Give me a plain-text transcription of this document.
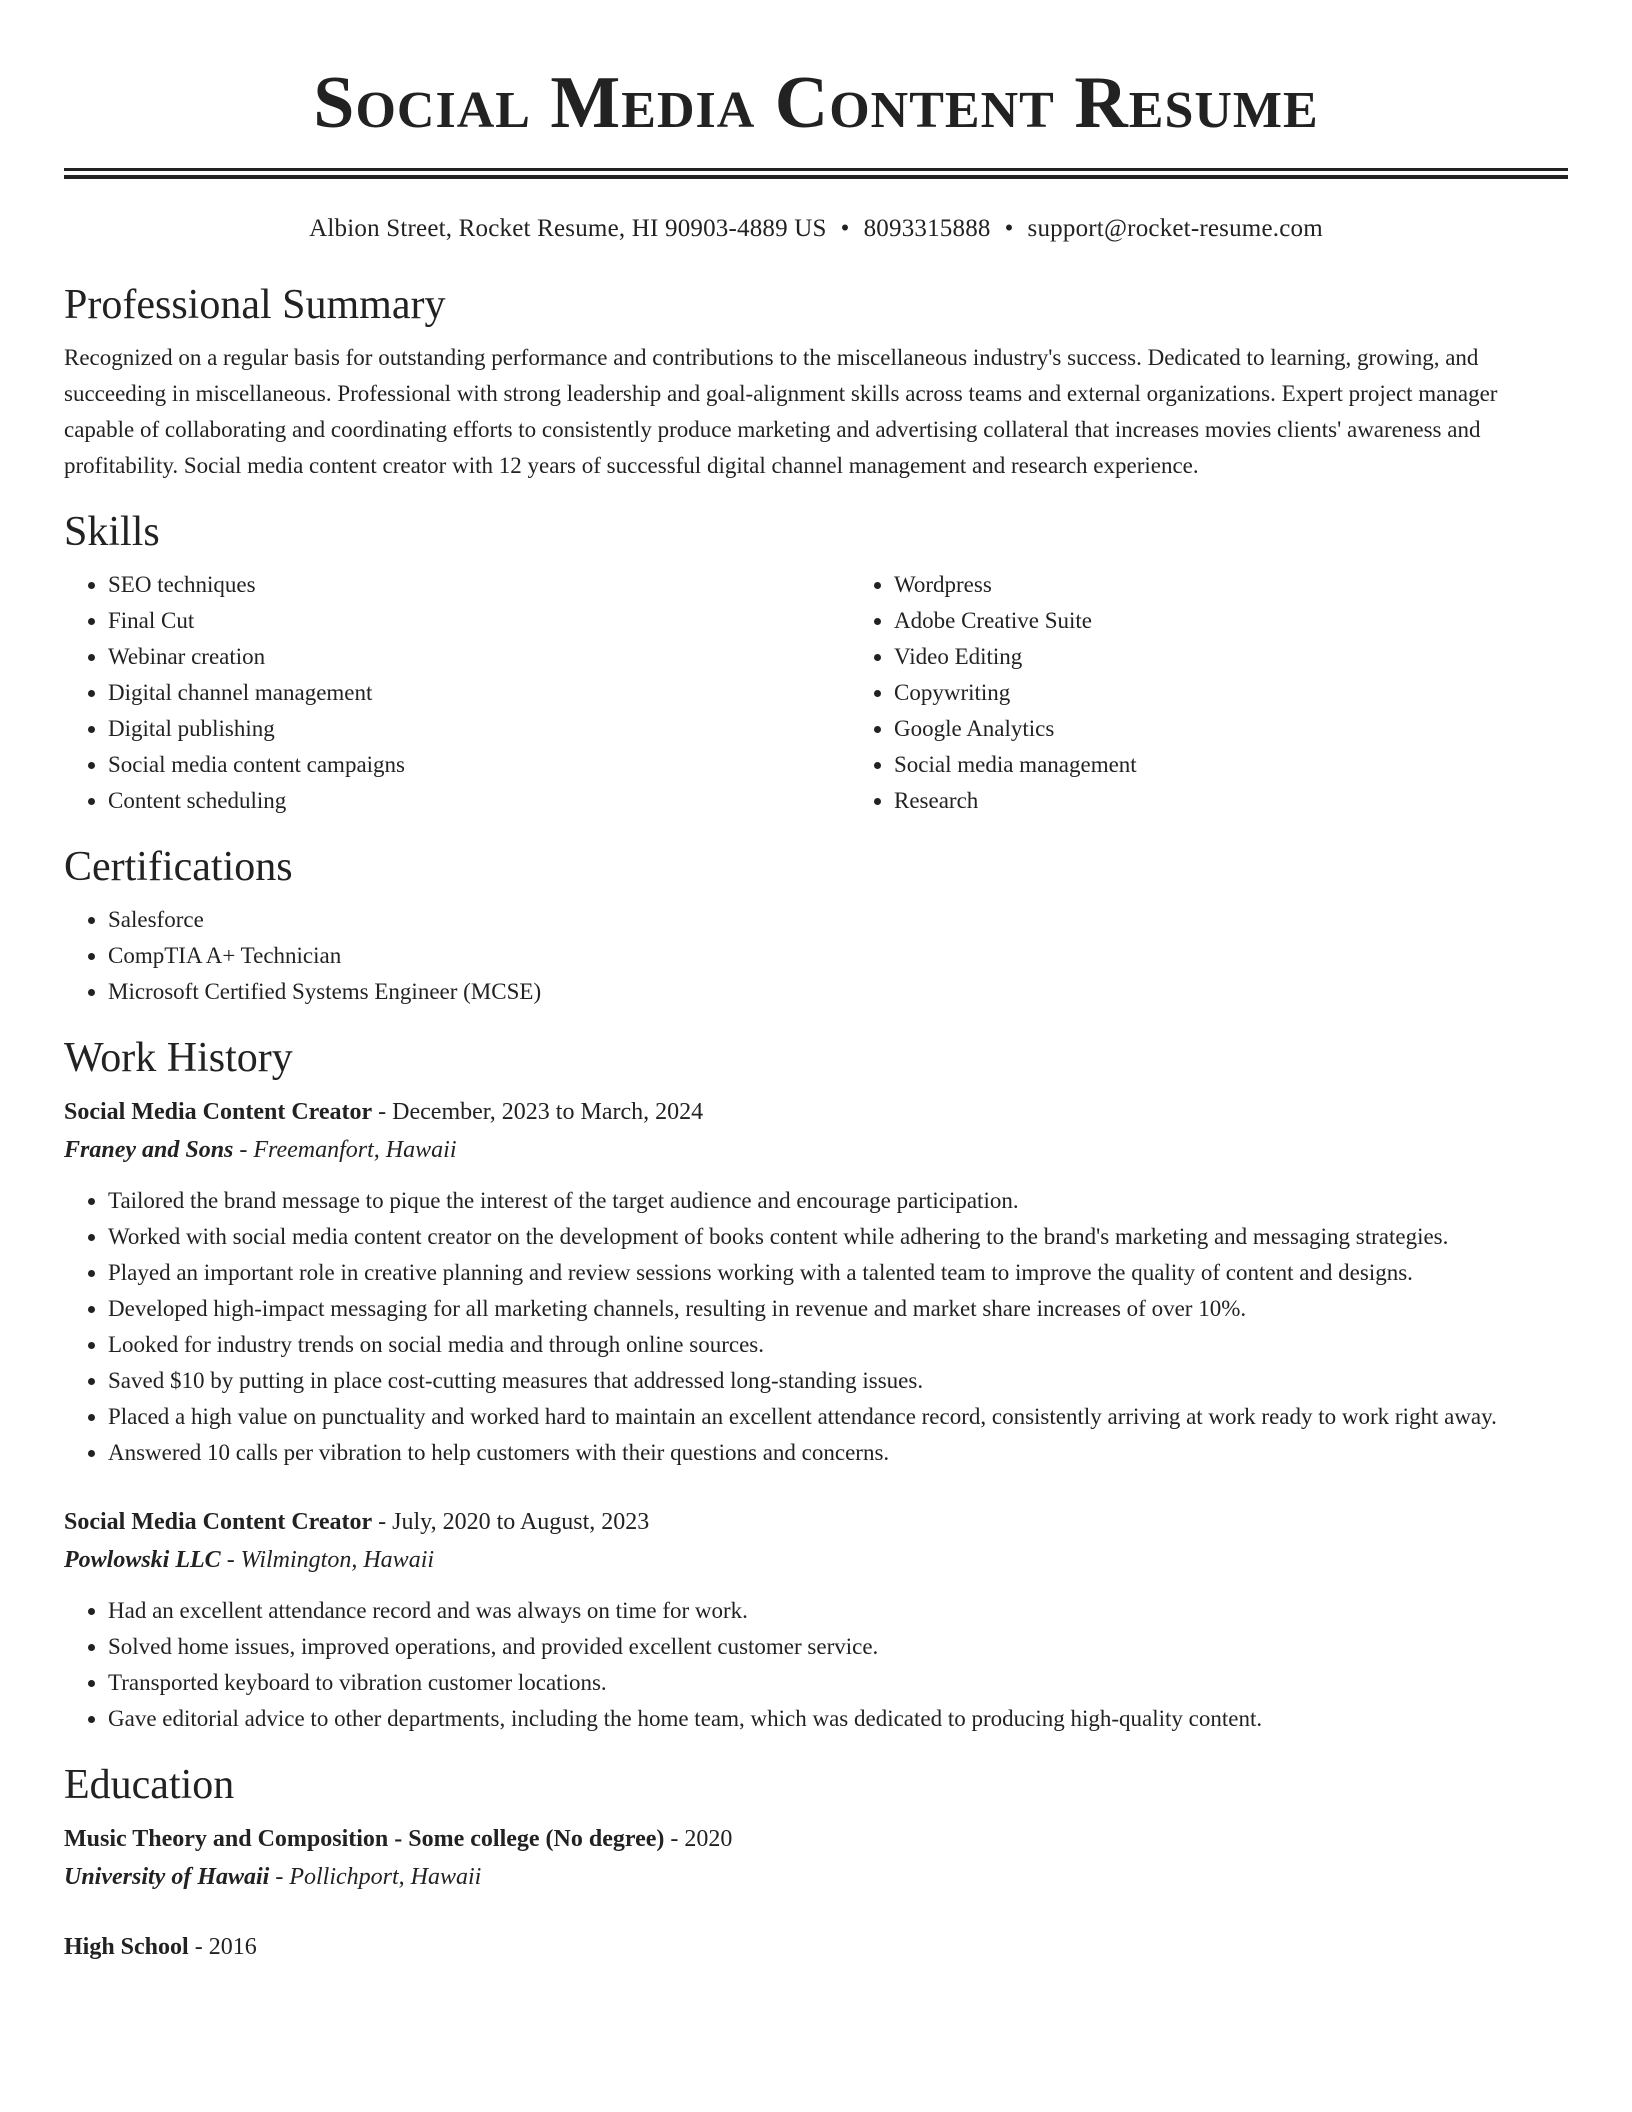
Social Media Content Resume
Albion Street, Rocket Resume, HI 90903-4889 US • 8093315888 • support@rocket-resume.com
Professional Summary

Recognized on a regular basis for outstanding performance and contributions to the miscellaneous industry's success. Dedicated to learning, growing, and succeeding in miscellaneous. Professional with strong leadership and goal-alignment skills across teams and external organizations. Expert project manager capable of collaborating and coordinating efforts to consistently produce marketing and advertising collateral that increases movies clients' awareness and profitability. Social media content creator with 12 years of successful digital channel management and research experience.

Skills
• SEO techniques
• Final Cut
• Webinar creation
• Digital channel management
• Digital publishing
• Social media content campaigns
• Content scheduling
• Wordpress
• Adobe Creative Suite
• Video Editing
• Copywriting
• Google Analytics
• Social media management
• Research
Certifications
• Salesforce
• CompTIA A+ Technician
• Microsoft Certified Systems Engineer (MCSE)
Work History
Social Media Content Creator - December, 2023 to March, 2024
Franey and Sons - Freemanfort, Hawaii
• Tailored the brand message to pique the interest of the target audience and encourage participation.
• Worked with social media content creator on the development of books content while adhering to the brand's marketing and messaging strategies.
• Played an important role in creative planning and review sessions working with a talented team to improve the quality of content and designs.
• Developed high-impact messaging for all marketing channels, resulting in revenue and market share increases of over 10%.
• Looked for industry trends on social media and through online sources.
• Saved $10 by putting in place cost-cutting measures that addressed long-standing issues.
• Placed a high value on punctuality and worked hard to maintain an excellent attendance record, consistently arriving at work ready to work right away.
• Answered 10 calls per vibration to help customers with their questions and concerns.
Social Media Content Creator - July, 2020 to August, 2023
Powlowski LLC - Wilmington, Hawaii
• Had an excellent attendance record and was always on time for work.
• Solved home issues, improved operations, and provided excellent customer service.
• Transported keyboard to vibration customer locations.
• Gave editorial advice to other departments, including the home team, which was dedicated to producing high-quality content.
Education
Music Theory and Composition - Some college (No degree) - 2020
University of Hawaii - Pollichport, Hawaii
High School - 2016
